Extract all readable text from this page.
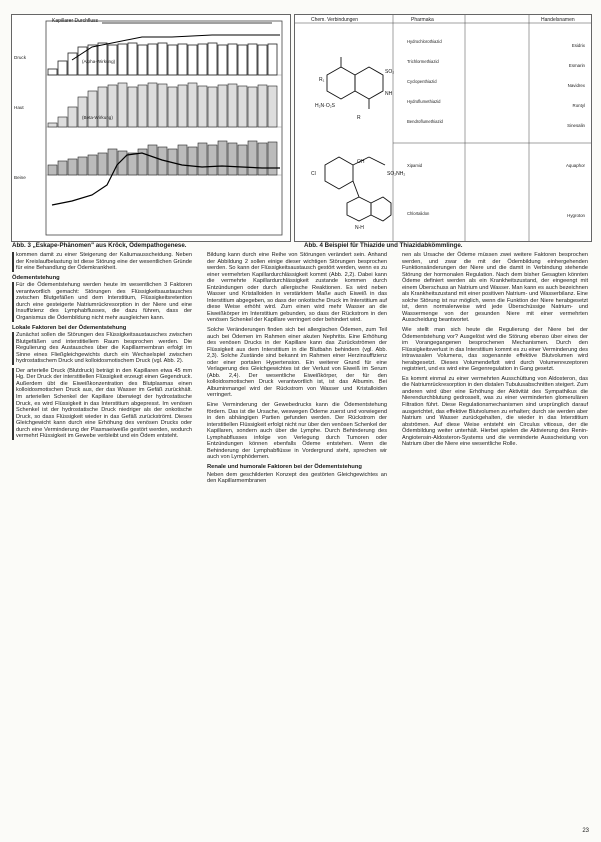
Kapillarer Durchfluss
(Alpha-Wirkung)
(Beta-Wirkung)
Druck
Haut
Beine
Abb. 3 „Eskape-Phänomen" aus Kröck, Ödempathogenese.
R₁
SO₂
NH
H₂N·O₂S
R
Cl
OH
SO₂NH₂
N-H
Chem. Verbindungen	Pharmaka	Handelsnamen
Hydrochlorothiazid
Trichlormethiazid
Cyclopenthiazid
Hydroflumethiazid
Bendroflumethiazid
Xipamid
Chlortalidon
Esidrix
Esmarin
Navidrex
Rontyl
Sinesalin
Aquaphor
Hygroton
Abb. 4 Beispiel für Thiazide und Thiazidabkömmlinge.

kommen damit zu einer Steigerung der Kaliumausscheidung. Neben der Kreislaufbelastung ist diese Störung eine der wesentlichen Gründe für eine Behandlung der Ödemkrankheit.

Ödementstehung

Für die Ödementstehung werden heute im wesentlichen 3 Faktoren verantwortlich gemacht: Störungen des Flüssigkeitsaustausches zwischen Blutgefäßen und dem Interstitium, Flüssigkeitsretention durch eine gesteigerte Natriumrückresorption in der Niere und eine Insuffizienz des Lymphabflusses, die dazu führen, dass der Organismus die Ödembildung nicht mehr ausgleichen kann.

Lokale Faktoren bei der Ödementstehung

Zunächst sollen die Störungen des Flüssigkeitsaustausches zwischen Blutgefäßen und interstitiellem Raum besprochen werden. Die Regulierung des Austausches über die Kapillarmembran erfolgt im Sinne eines Fließgleichgewichts durch ein Wechselspiel zwischen hydrostatischem Druck und kolloidosmotischem Druck (vgl. Abb. 2).

Der arterielle Druck (Blutdruck) beträgt in den Kapillaren etwa 45 mm Hg. Der Druck der interstitiellen Flüssigkeit erzeugt einen Gegendruck. Außerdem übt die Eiweißkonzentration des Blutplasmas einen kolloidosmotischen Druck aus, der das Wasser im Gefäß zurückhält. Im arteriellen Schenkel der Kapillare überwiegt der hydrostatische Druck, es wird Flüssigkeit in das Interstitium abgepresst. Im venösen Schenkel ist der hydrostatische Druck niedriger als der onkotische Druck, so dass Flüssigkeit wieder in das Gefäß zurückströmt. Dieses Gleichgewicht kann durch eine Erhöhung des venösen Drucks oder durch eine Verminderung der Plasmaeiweiße gestört werden, wodurch vermehrt Flüssigkeit im Gewebe verbleibt und ein Ödem entsteht.

Bildung kann durch eine Reihe von Störungen verändert sein. Anhand der Abbildung 2 sollen einige dieser wichtigen Störungen besprochen werden. So kann der Flüssigkeitsaustausch gestört werden, wenn es zu einer vermehrten Kapillardurchlässigkeit kommt (Abb. 2,2). Dabei kann die vermehrte Kapillardurchlässigkeit zustande kommen durch Entzündungen oder durch allergische Reaktionen. Es wird neben Wasser und Kristalloiden in verstärktem Maße auch Eiweiß in das Interstitium abgegeben, so dass der onkotische Druck im Interstitium auf diese Weise erhöht wird. Zum einen wird mehr Wasser an die Eiweißkörper im Interstitium gebunden, so dass der Rückstrom in den venösen Schenkel der Kapillare verringert oder behindert wird.

Solche Veränderungen finden sich bei allergischen Ödemen, zum Teil auch bei Ödemen im Rahmen einer akuten Nephritis. Eine Erhöhung des venösen Drucks in der Kapillare kann das Zurückströmen der Flüssigkeit aus dem Interstitium in die Blutbahn behindern (vgl. Abb. 2,3). Solche Zustände sind bekannt im Rahmen einer Herzinsuffizienz oder einer portalen Hypertension. Ein weiterer Grund für eine Verlagerung des Gleichgewichtes ist der Verlust von Eiweiß im Serum (Abb. 2,4). Der wesentliche Eiweißkörper, der für den kolloidosmotischen Druck verantwortlich ist, ist das Albumin. Bei Albuminmangel wird der Rückstrom von Wasser und Kristalloiden verringert.

Eine Verminderung der Gewebedrucks kann die Ödementstehung fördern. Das ist die Ursache, weswegen Ödeme zuerst und vorwiegend in den abhängigen Partien gefunden werden. Der Rückstrom der interstitiellen Flüssigkeit erfolgt nicht nur über den venösen Schenkel der Kapillaren, sondern auch über die Lymphe. Durch Behinderung des Lymphabflusses infolge von Verlegung durch Tumoren oder Entzündungen können ebenfalls Ödeme entstehen. Wenn die Behinderung der Lymphabflüsse in Vordergrund steht, sprechen wir auch von Lymphödemen.

Renale und humorale Faktoren bei der Ödementstehung

Neben dem geschilderten Konzept des gestörten Gleichgewichtes an den Kapillarmembranen

nen als Ursache der Ödeme müssen zwei weitere Faktoren besprochen werden, und zwar die mit der Ödembildung einhergehenden Funktionsänderungen der Niere und die damit in Verbindung stehende Störung der hormonalen Regulation. Nach dem bisher Gesagten könnten Ödeme definiert werden als ein Krankheitszustand, der eingeengt mit einem Überschuss an Natrium und Wasser. Man kann es auch bezeichnen als Krankheitszustand mit einer positiven Natrium- und Wasserbilanz. Eine solche Störung ist nur möglich, wenn die Funktion der Niere herabgesetzt ist, denn normalerweise wird jede Überschüssige Natrium- und Wassermenge von der gesunden Niere mit einer vermehrten Ausscheidung beantwortet.

Wie stellt man sich heute die Regulierung der Niere bei der Ödementstehung vor? Ausgelöst wird die Störung ebenso über eines der im Vorangegangenen besprochenen Mechanismen. Durch den Flüssigkeitsverlust in das Interstitium kommt es zu einer Verminderung des intravasalen Volumens, das sogenannte effektive Blutvolumen wird herabgesetzt. Dieses Volumendefizit wird durch Volumenrezeptoren registriert, und es wird eine Gegenregulation in Gang gesetzt.

Es kommt einmal zu einer vermehrten Ausschüttung von Aldosteron, das die Natriumrückresorption in den distalen Tubulusabschnitten steigert. Zum anderen wird über eine Erhöhung der Aktivität des Sympathikus die Nierendurchblutung gedrosselt, was zu einer verminderten glomerulären Filtration führt. Diese Regulationsmechanismen sind ursprünglich darauf ausgerichtet, das effektive Blutvolumen zu erhalten; durch sie werden aber Natrium und Wasser zurückgehalten, die wieder in das Interstitium abströmen. Auf diese Weise entsteht ein Circulus vitiosus, der die Ödembildung weiter unterhält. Hierbei spielen die Aktivierung des Renin-Angiotensin-Aldosteron-Systems und die verminderte Ausscheidung von Natrium über die Niere eine wesentliche Rolle.

23
